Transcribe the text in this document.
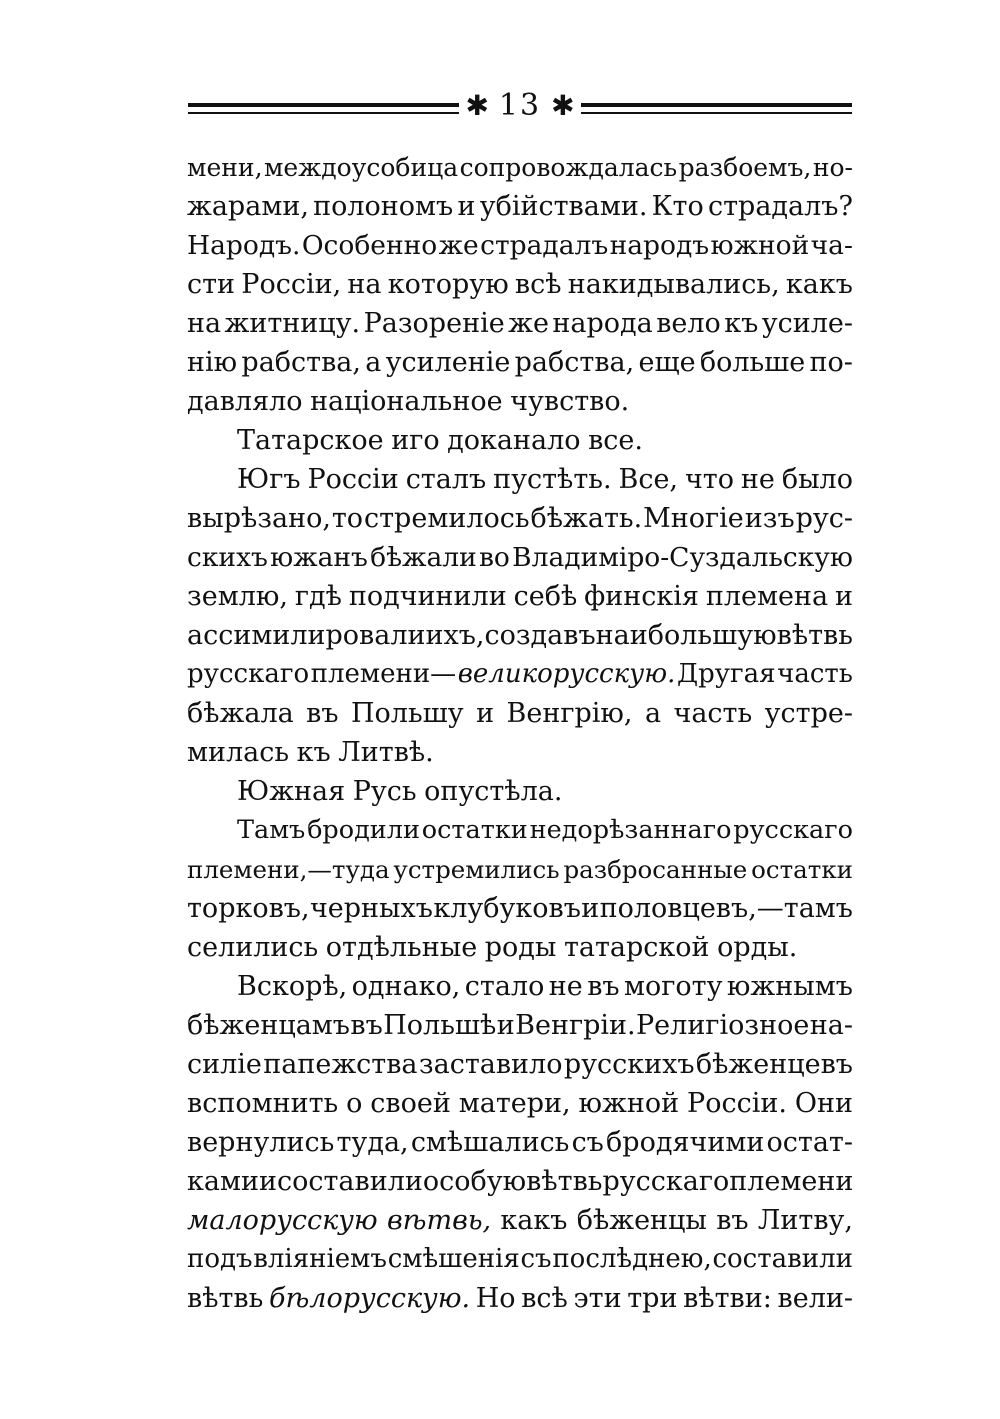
✱ 13 ✱
мени, междоусобица сопровождалась разбоемъ, но-
жарами, полономъ и убійствами. Кто страдалъ?
Народъ. Особенно же страдалъ народъ южной ча-
сти Россіи, на которую всѣ накидывались, какъ
на житницу. Разореніе же народа вело къ усиле-
нію рабства, а усиленіе рабства, еще больше по-
давляло національное чувство.
Татарское иго доканало все.
Югъ Россіи сталъ пустѣть. Все, что не было
вырѣзано, то стремилось бѣжать. Многіе изъ рус-
скихъ южанъ бѣжали во Владиміро-Суздальскую
землю, гдѣ подчинили себѣ финскія племена и
ассимилировали ихъ, создавъ наибольшую вѣтвь
русскаго племени— великорусскую. Другая часть
бѣжала въ Польшу и Венгрію, а часть устре-
милась къ Литвѣ.
Южная Русь опустѣла.
Тамъ бродили остатки недорѣзаннаго русскаго
племени,—туда устремились разбросанные остатки
торковъ, черныхъ клубуковъ и половцевъ,—тамъ
селились отдѣльные роды татарской орды.
Вскорѣ, однако, стало не въ моготу южнымъ
бѣженцамъ въ Польшѣ и Венгріи. Религіозное на-
силіе папежства заставило русскихъ бѣженцевъ
вспомнить о своей матери, южной Россіи. Они
вернулись туда, смѣшались съ бродячими остат-
ками и составили особую вѣтвь русскаго племени
малорусскую вѣтвь, какъ бѣженцы въ Литву,
подъ вліяніемъ смѣшенія съ послѣднею, составили
вѣтвь бѣлорусскую. Но всѣ эти три вѣтви: вели-
